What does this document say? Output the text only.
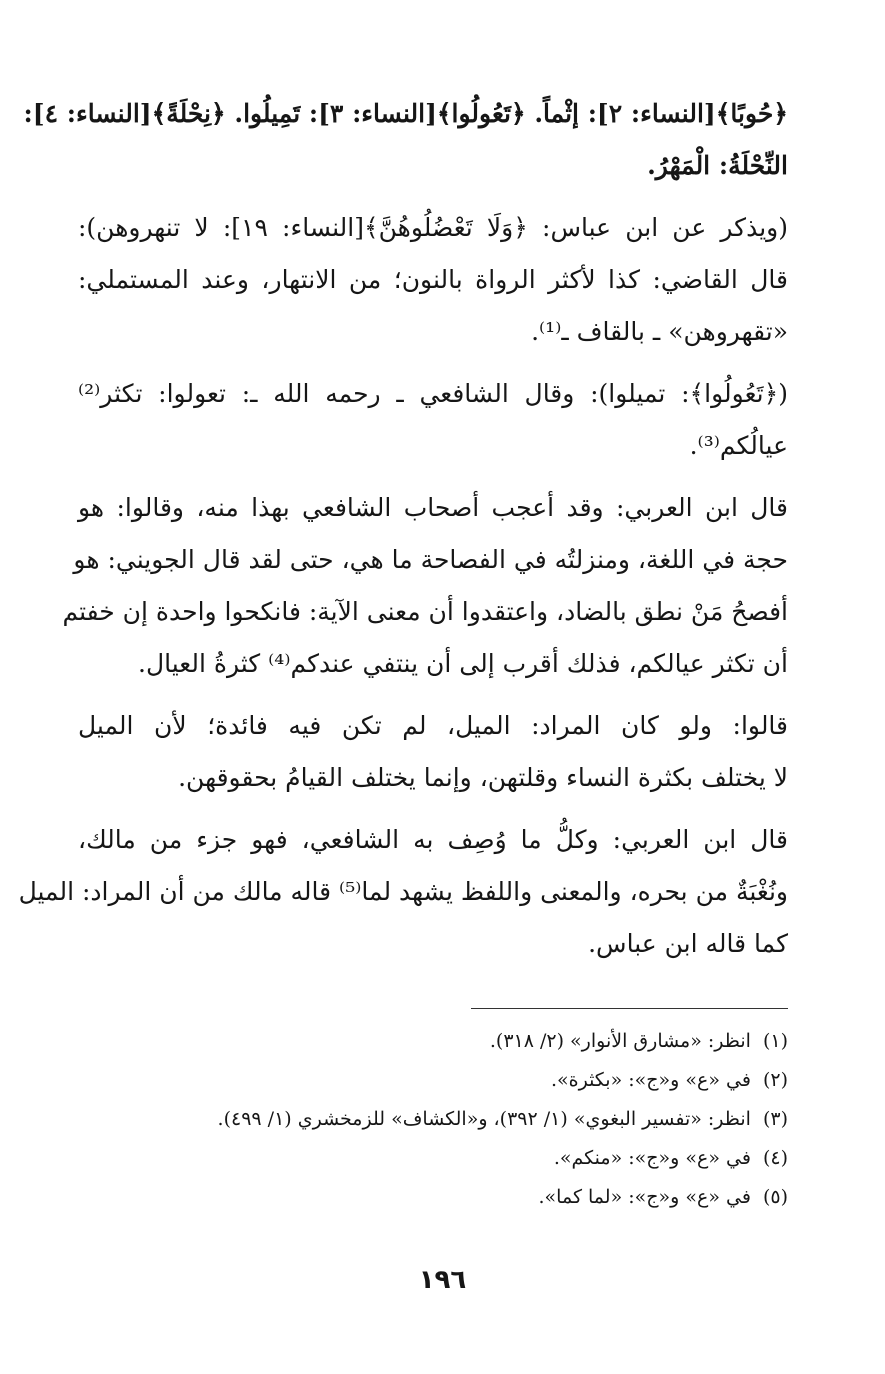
﴿حُوبًا﴾[النساء: ٢]: إثْماً. ﴿تَعُولُوا﴾[النساء: ٣]: تَمِيلُوا. ﴿نِحْلَةً﴾[النساء: ٤]:
النِّحْلَةُ: الْمَهْرُ.
(ويذكر عن ابن عباس: ﴿وَلَا تَعْضُلُوهُنَّ﴾[النساء: ١٩]: لا تنهروهن):
قال القاضي: كذا لأكثر الرواة بالنون؛ من الانتهار، وعند المستملي:
«تقهروهن» ـ بالقاف ـ⁽¹⁾.
(﴿تَعُولُوا﴾: تميلوا): وقال الشافعي ـ رحمه الله ـ: تعولوا: تكثر⁽²⁾
عيالُكم⁽³⁾.
قال ابن العربي: وقد أعجب أصحاب الشافعي بهذا منه، وقالوا: هو
حجة في اللغة، ومنزلتُه في الفصاحة ما هي، حتى لقد قال الجويني: هو
أفصحُ مَنْ نطق بالضاد، واعتقدوا أن معنى الآية: فانكحوا واحدة إن خفتم
أن تكثر عيالكم، فذلك أقرب إلى أن ينتفي عندكم⁽⁴⁾ كثرةُ العيال.
قالوا: ولو كان المراد: الميل، لم تكن فيه فائدة؛ لأن الميل
لا يختلف بكثرة النساء وقلتهن، وإنما يختلف القيامُ بحقوقهن.
قال ابن العربي: وكلُّ ما وُصِف به الشافعي، فهو جزء من مالك،
ونُغْبَةٌ من بحره، والمعنى واللفظ يشهد لما⁽⁵⁾ قاله مالك من أن المراد: الميل
كما قاله ابن عباس.
(١)انظر: «مشارق الأنوار» (٢/ ٣١٨).
(٢)في «ع» و«ج»: «بكثرة».
(٣)انظر: «تفسير البغوي» (١/ ٣٩٢)، و«الكشاف» للزمخشري (١/ ٤٩٩).
(٤)في «ع» و«ج»: «منكم».
(٥)في «ع» و«ج»: «لما كما».
١٩٦
